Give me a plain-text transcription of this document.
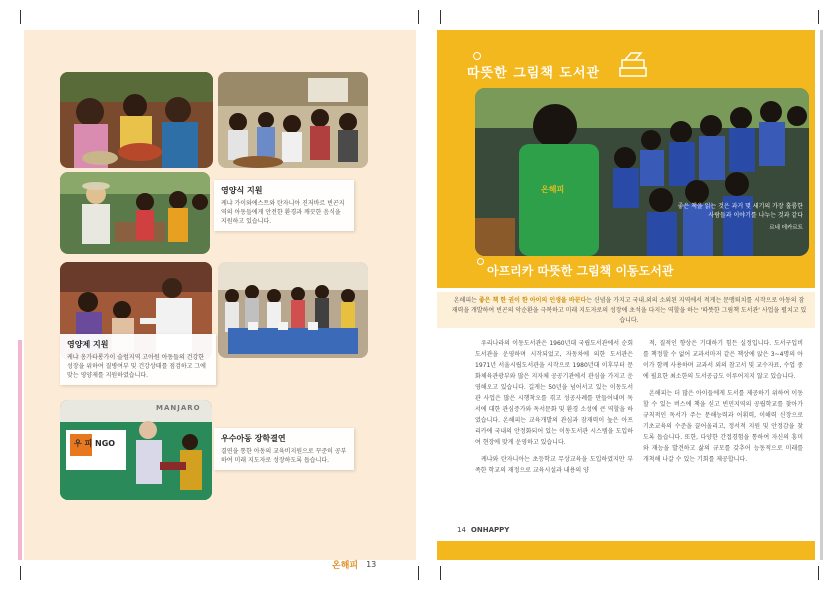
영양식 지원
케냐 가이와에스트와 탄자니아 진저바르 빈곤지역의 아동들에게 안전한 환경과 깨끗한 음식을 지원하고 있습니다.
영양제 지원
케냐 옹가타롱가이 슬럼지역 고아원 아동들의 건강한 성장을 위하여 질병여부 및 건강상태를 점검하고 그에 맞는 영양제를 지원하였습니다.
MANJARO
우 피 NGO
우수아동 장학결연
결연을 통한 아동의 교육비지원으로 꾸준히 공부하여 미래 지도자로 성장하도록 돕습니다.
온해피 13
따뜻한 그림책 도서관
온해피
좋은 책을 읽는 것은 과거 몇 세기의 가장 훌륭한 사람들과 이야기를 나누는 것과 같다
르네 데카르트
아프리카 따뜻한 그림책 이동도서관
온해피는 좋은 책 한 권이 한 아이의 인생을 바꾼다는 신념을 가지고 국내.외의 소외된 지역에서 적게는 문맹퇴치를 시작으로 아동의 잠재력을 개발하여 빈곤의 악순환을 극복하고 미래 지도자로의 성장에 초석을 다지는 역할을 하는 '따뜻한 그림책 도서관' 사업을 펼치고 있습니다.

우리나라의 이동도서관은 1960년대 국립도서관에서 순회도서관을 운영하며 시작되었고, 자동차에 의한 도서관은 1971년 서울시립도서관을 시작으로 1980년대 이후부터 문화체육관광부와 많은 지자체 공공기관에서 관심을 가지고 운영해오고 있습니다. 길게는 50년을 넘어서고 있는 이동도서관 사업은 많은 시행착오를 겪고 성공사례를 만들어내며 독서에 대한 관심증가와 독서문화 및 환경 소성에 큰 역할을 하였습니다. 온해피는 교육개발의 관심과 잠재력이 높은 아프리카에 국내의 안정화되어 있는 이동도서관 시스템을 도입하여 현장에 맞게 운영하고 있습니다.

케냐와 탄자니아는 초등학교 무상교육을 도입하였지만 부족한 학교의 재정으로 교육시설과 내용의 양

적, 질적인 향상은 기대하기 힘든 실정입니다. 도서구입비를 책정할 수 없어 교과서마저 같은 책상에 앉은 3~4명의 아이가 함께 사용하며 교과서 외의 참고서 및 교수자료, 수업 중에 필요한 최소한의 도서공급도 이루어지지 않고 있습니다.

온해피는 더 많은 아이들에게 도서를 제공하기 위하여 이동 할 수 있는 버스에 책을 싣고 빈민지역의 공립학교를 찾아가 규칙적인 독서가 주는 문해능력과 어휘력, 이해력 신장으로 기초교육의 수준을 끌어올리고, 정서적 지원 및 안정감을 찾도록 돕습니다. 또한, 다양한 간접경험을 통하여 자신의 흥미와 재능을 발견하고 삶의 규모를 갖추어 능동적으로 미래를 개척해 나갈 수 있는 기회를 제공합니다.

14 ONHAPPY
